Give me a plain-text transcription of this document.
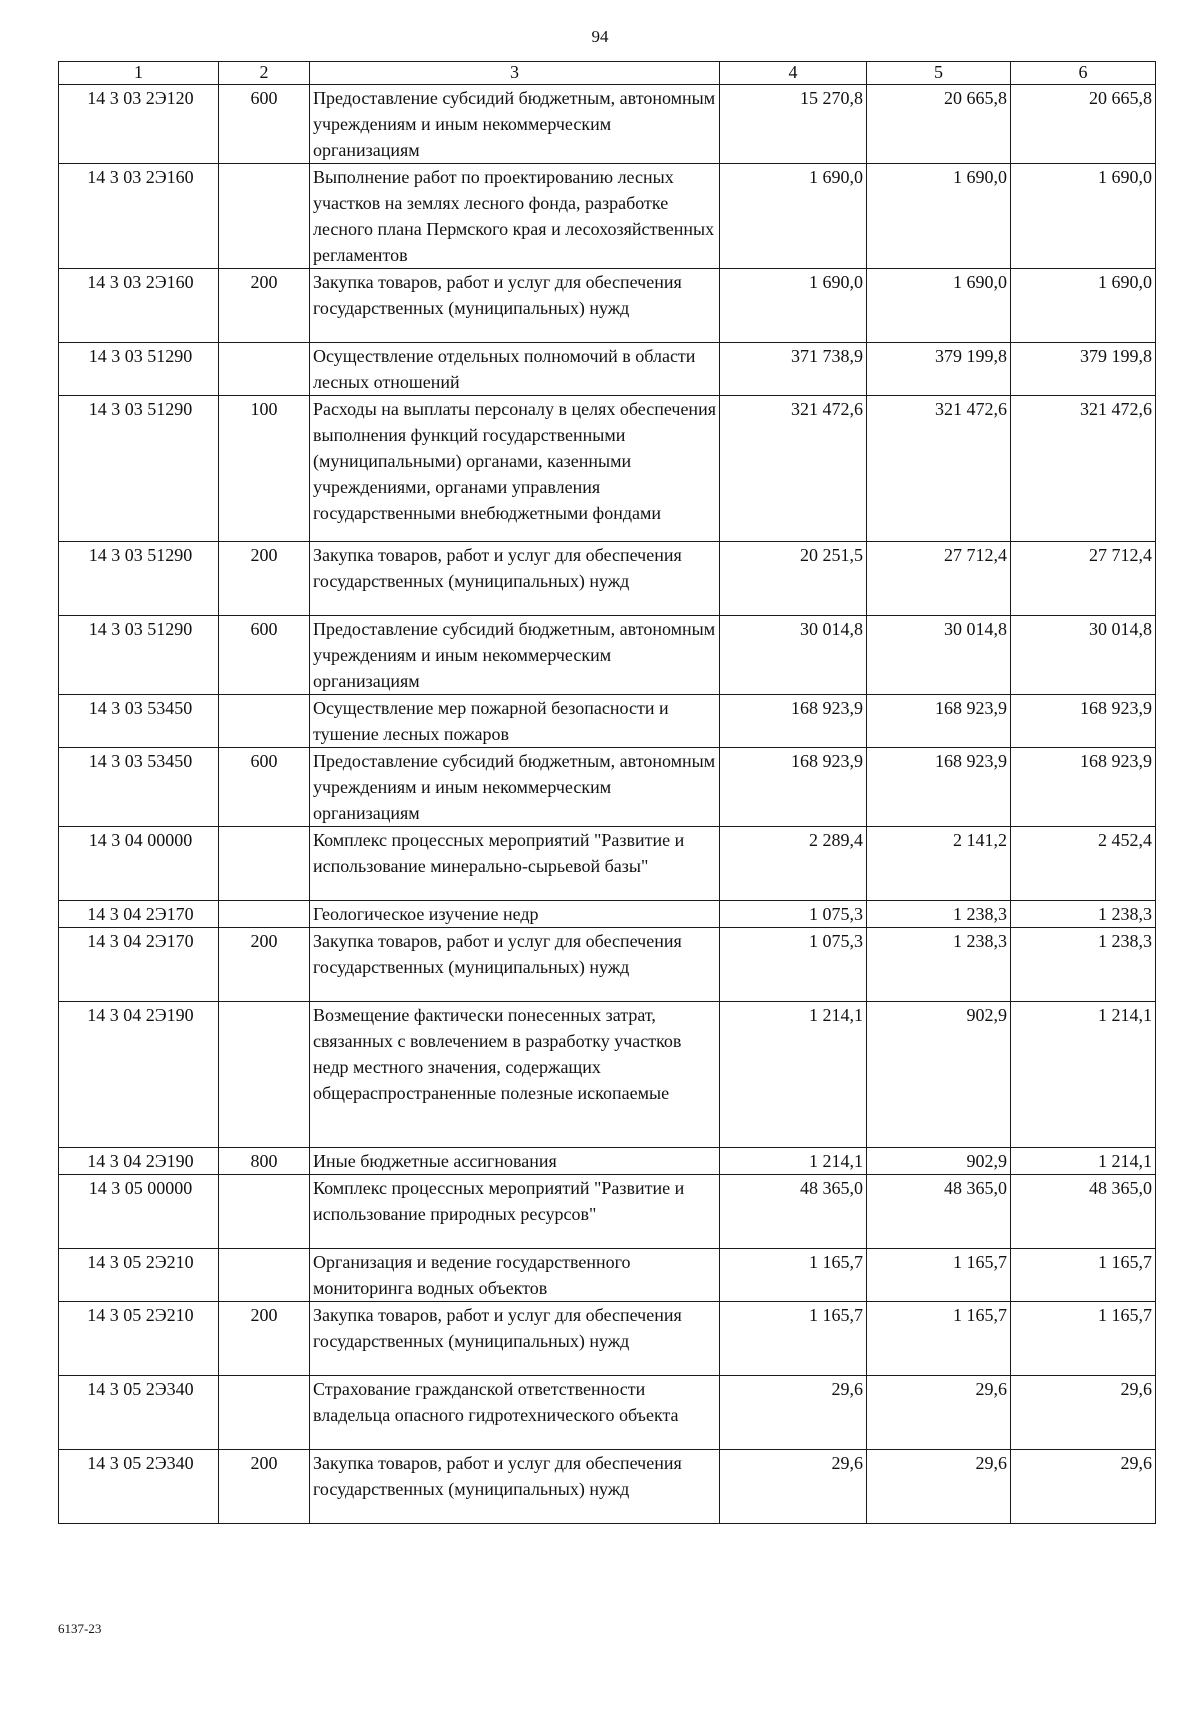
94
1	2	3	4	5	6
14 3 03 2Э120	600	Предоставление субсидий бюджетным, автономным учреждениям и иным некоммерческим организациям	15 270,8	20 665,8	20 665,8
14 3 03 2Э160		Выполнение работ по проектированию лесных участков на землях лесного фонда, разработке лесного плана Пермского края и лесохозяйственных регламентов	1 690,0	1 690,0	1 690,0
14 3 03 2Э160	200	Закупка товаров, работ и услуг для обеспечения государственных (муниципальных) нужд	1 690,0	1 690,0	1 690,0
14 3 03 51290		Осуществление отдельных полномочий в области лесных отношений	371 738,9	379 199,8	379 199,8
14 3 03 51290	100	Расходы на выплаты персоналу в целях обеспечения выполнения функций государственными (муниципальными) органами, казенными учреждениями, органами управления государственными внебюджетными фондами	321 472,6	321 472,6	321 472,6
14 3 03 51290	200	Закупка товаров, работ и услуг для обеспечения государственных (муниципальных) нужд	20 251,5	27 712,4	27 712,4
14 3 03 51290	600	Предоставление субсидий бюджетным, автономным учреждениям и иным некоммерческим организациям	30 014,8	30 014,8	30 014,8
14 3 03 53450		Осуществление мер пожарной безопасности и тушение лесных пожаров	168 923,9	168 923,9	168 923,9
14 3 03 53450	600	Предоставление субсидий бюджетным, автономным учреждениям и иным некоммерческим организациям	168 923,9	168 923,9	168 923,9
14 3 04 00000		Комплекс процессных мероприятий "Развитие и использование минерально-сырьевой базы"	2 289,4	2 141,2	2 452,4
14 3 04 2Э170		Геологическое изучение недр	1 075,3	1 238,3	1 238,3
14 3 04 2Э170	200	Закупка товаров, работ и услуг для обеспечения государственных (муниципальных) нужд	1 075,3	1 238,3	1 238,3
14 3 04 2Э190		Возмещение фактически понесенных затрат, связанных с вовлечением в разработку участков недр местного значения, содержащих общераспространенные полезные ископаемые	1 214,1	902,9	1 214,1
14 3 04 2Э190	800	Иные бюджетные ассигнования	1 214,1	902,9	1 214,1
14 3 05 00000		Комплекс процессных мероприятий "Развитие и использование природных ресурсов"	48 365,0	48 365,0	48 365,0
14 3 05 2Э210		Организация и ведение государственного мониторинга водных объектов	1 165,7	1 165,7	1 165,7
14 3 05 2Э210	200	Закупка товаров, работ и услуг для обеспечения государственных (муниципальных) нужд	1 165,7	1 165,7	1 165,7
14 3 05 2Э340		Страхование гражданской ответственности владельца опасного гидротехнического объекта	29,6	29,6	29,6
14 3 05 2Э340	200	Закупка товаров, работ и услуг для обеспечения государственных (муниципальных) нужд	29,6	29,6	29,6
6137-23
